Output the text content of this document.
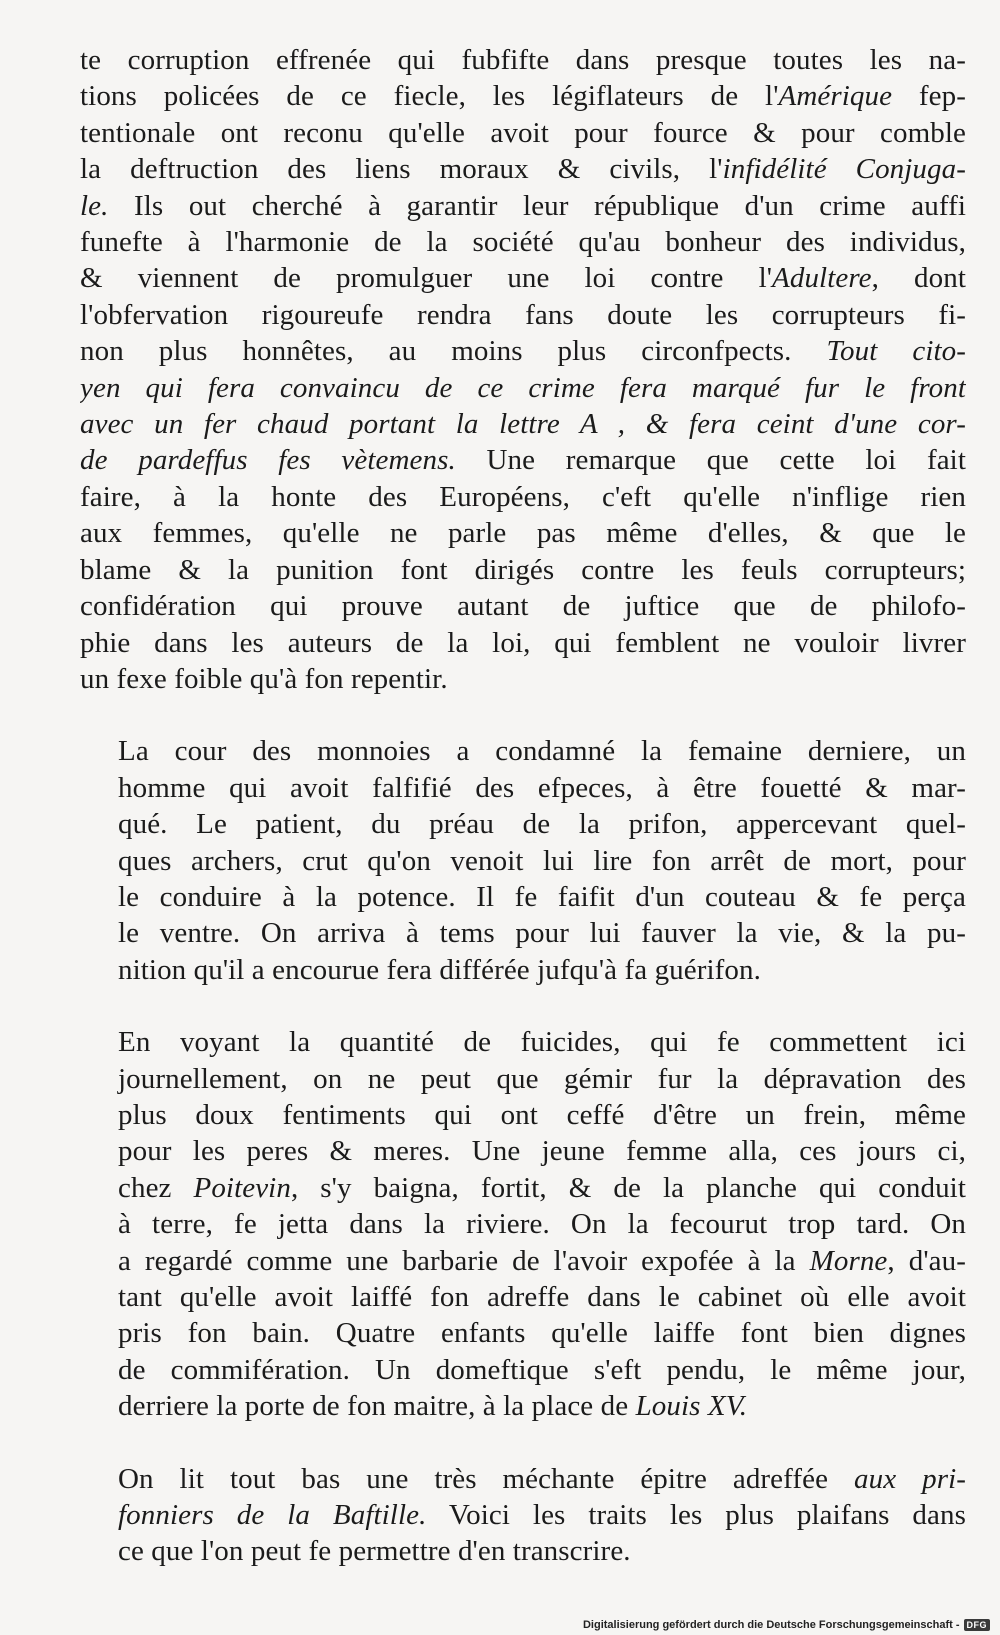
te corruption effrenée qui fubfifte dans presque toutes les na-
tions policées de ce fiecle, les légiflateurs de l'Amérique fep-
tentionale ont reconu qu'elle avoit pour fource & pour comble
la deftruction des liens moraux & civils, l'infidélité Conjuga-
le. Ils out cherché à garantir leur république d'un crime auffi
funefte à l'harmonie de la société qu'au bonheur des individus,
& viennent de promulguer une loi contre l'Adultere, dont
l'obfervation rigoureufe rendra fans doute les corrupteurs fi-
non plus honnêtes, au moins plus circonfpects. Tout cito-
yen qui fera convaincu de ce crime fera marqué fur le front
avec un fer chaud portant la lettre A , & fera ceint d'une cor-
de pardeffus fes vètemens. Une remarque que cette loi fait
faire, à la honte des Européens, c'eft qu'elle n'inflige rien
aux femmes, qu'elle ne parle pas même d'elles, & que le
blame & la punition font dirigés contre les feuls corrupteurs;
confidération qui prouve autant de juftice que de philofo-
phie dans les auteurs de la loi, qui femblent ne vouloir livrer
un fexe foible qu'à fon repentir.
La cour des monnoies a condamné la femaine derniere, un
homme qui avoit falfifié des efpeces, à être fouetté & mar-
qué. Le patient, du préau de la prifon, appercevant quel-
ques archers, crut qu'on venoit lui lire fon arrêt de mort, pour
le conduire à la potence. Il fe faifit d'un couteau & fe perça
le ventre. On arriva à tems pour lui fauver la vie, & la pu-
nition qu'il a encourue fera différée jufqu'à fa guérifon.
En voyant la quantité de fuicides, qui fe commettent ici
journellement, on ne peut que gémir fur la dépravation des
plus doux fentiments qui ont ceffé d'être un frein, même
pour les peres & meres. Une jeune femme alla, ces jours ci,
chez Poitevin, s'y baigna, fortit, & de la planche qui conduit
à terre, fe jetta dans la riviere. On la fecourut trop tard. On
a regardé comme une barbarie de l'avoir expofée à la Morne, d'au-
tant qu'elle avoit laiffé fon adreffe dans le cabinet où elle avoit
pris fon bain. Quatre enfants qu'elle laiffe font bien dignes
de commifération. Un domeftique s'eft pendu, le même jour,
derriere la porte de fon maitre, à la place de Louis XV.
On lit tout bas une très méchante épitre adreffée aux pri-
fonniers de la Baftille. Voici les traits les plus plaifans dans
ce que l'on peut fe permettre d'en transcrire.
Digitalisierung gefördert durch die Deutsche Forschungsgemeinschaft - DFG
